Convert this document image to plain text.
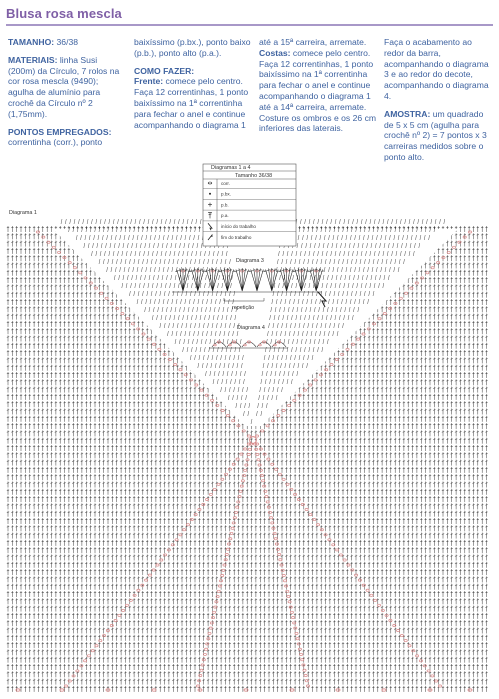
Blusa rosa mescla

TAMANHO: 36/38

MATERIAIS: linha Susi (200m) da Círculo, 7 rolos na cor rosa mescla (9490); agulha de alumínio para crochê da Círculo nº 2 (1,75mm).

PONTOS EMPREGADOS:

correntinha (corr.), ponto

baixíssimo (p.bx.), ponto baixo (p.b.), ponto alto (p.a.).

COMO FAZER:

Frente: comece pelo centro. Faça 12 correntinhas, 1 ponto baixíssimo na 1ª correntinha para fechar o anel e continue acompanhando o diagrama 1

até a 15ª carreira, arremate.

Costas: comece pelo centro. Faça 12 correntinhas, 1 ponto baixíssimo na 1ª correntinha para fechar o anel e continue acompanhando o diagrama 1 até a 14ª carreira, arremate. Costure os ombros e os 26 cm inferiores das laterais.

Faça o acabamento ao redor da barra, acompanhando o diagrama 3 e ao redor do decote, acompanhando o diagrama 4.

AMOSTRA: um quadrado de 5 x 5 cm (agulha para crochê nº 2) = 7 pontos x 3 carreiras medidos sobre o ponto alto.

Diagramas 1 a 4
Tamanho 36/38
corr.
p.bx.
p.b.
p.a.
início do trabalho
fim do trabalho
Diagrama 3
repetição
Diagrama 4
Diagrama 1
